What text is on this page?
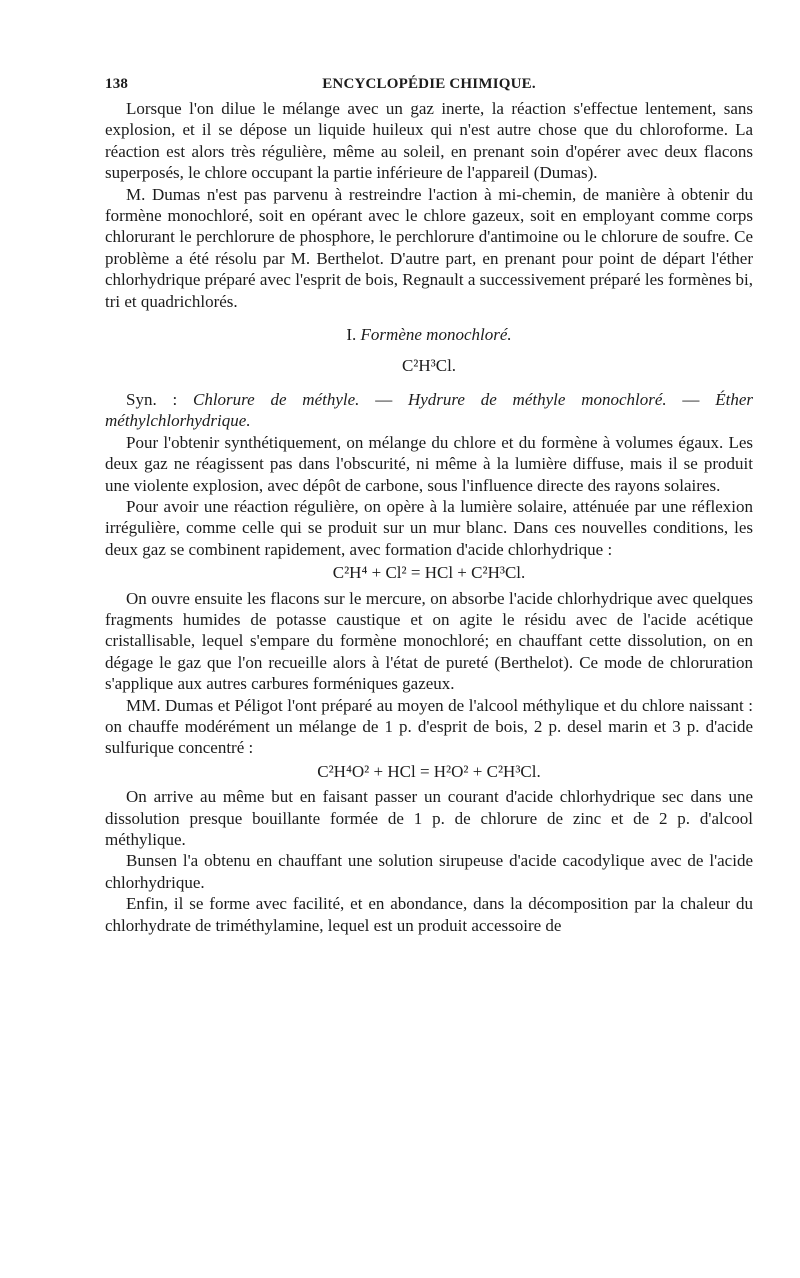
138	ENCYCLOPÉDIE CHIMIQUE.

Lorsque l'on dilue le mélange avec un gaz inerte, la réaction s'effectue lentement, sans explosion, et il se dépose un liquide huileux qui n'est autre chose que du chloroforme. La réaction est alors très régulière, même au soleil, en prenant soin d'opérer avec deux flacons superposés, le chlore occupant la partie inférieure de l'appareil (Dumas).

M. Dumas n'est pas parvenu à restreindre l'action à mi-chemin, de manière à obtenir du formène monochloré, soit en opérant avec le chlore gazeux, soit en employant comme corps chlorurant le perchlorure de phosphore, le perchlorure d'antimoine ou le chlorure de soufre. Ce problème a été résolu par M. Berthelot. D'autre part, en prenant pour point de départ l'éther chlorhydrique préparé avec l'esprit de bois, Regnault a successivement préparé les formènes bi, tri et quadrichlorés.

I. Formène monochloré.

C²H³Cl.

Syn. : Chlorure de méthyle. — Hydrure de méthyle monochloré. — Éther méthylchlorhydrique.

Pour l'obtenir synthétiquement, on mélange du chlore et du formène à volumes égaux. Les deux gaz ne réagissent pas dans l'obscurité, ni même à la lumière diffuse, mais il se produit une violente explosion, avec dépôt de carbone, sous l'influence directe des rayons solaires.

Pour avoir une réaction régulière, on opère à la lumière solaire, atténuée par une réflexion irrégulière, comme celle qui se produit sur un mur blanc. Dans ces nouvelles conditions, les deux gaz se combinent rapidement, avec formation d'acide chlorhydrique :

C²H⁴ + Cl² = HCl + C²H³Cl.

On ouvre ensuite les flacons sur le mercure, on absorbe l'acide chlorhydrique avec quelques fragments humides de potasse caustique et on agite le résidu avec de l'acide acétique cristallisable, lequel s'empare du formène monochloré; en chauffant cette dissolution, on en dégage le gaz que l'on recueille alors à l'état de pureté (Berthelot). Ce mode de chloruration s'applique aux autres carbures forméniques gazeux.

MM. Dumas et Péligot l'ont préparé au moyen de l'alcool méthylique et du chlore naissant : on chauffe modérément un mélange de 1 p. d'esprit de bois, 2 p. desel marin et 3 p. d'acide sulfurique concentré :

C²H⁴O² + HCl = H²O² + C²H³Cl.

On arrive au même but en faisant passer un courant d'acide chlorhydrique sec dans une dissolution presque bouillante formée de 1 p. de chlorure de zinc et de 2 p. d'alcool méthylique.

Bunsen l'a obtenu en chauffant une solution sirupeuse d'acide cacodylique avec de l'acide chlorhydrique.

Enfin, il se forme avec facilité, et en abondance, dans la décomposition par la chaleur du chlorhydrate de triméthylamine, lequel est un produit accessoire de
